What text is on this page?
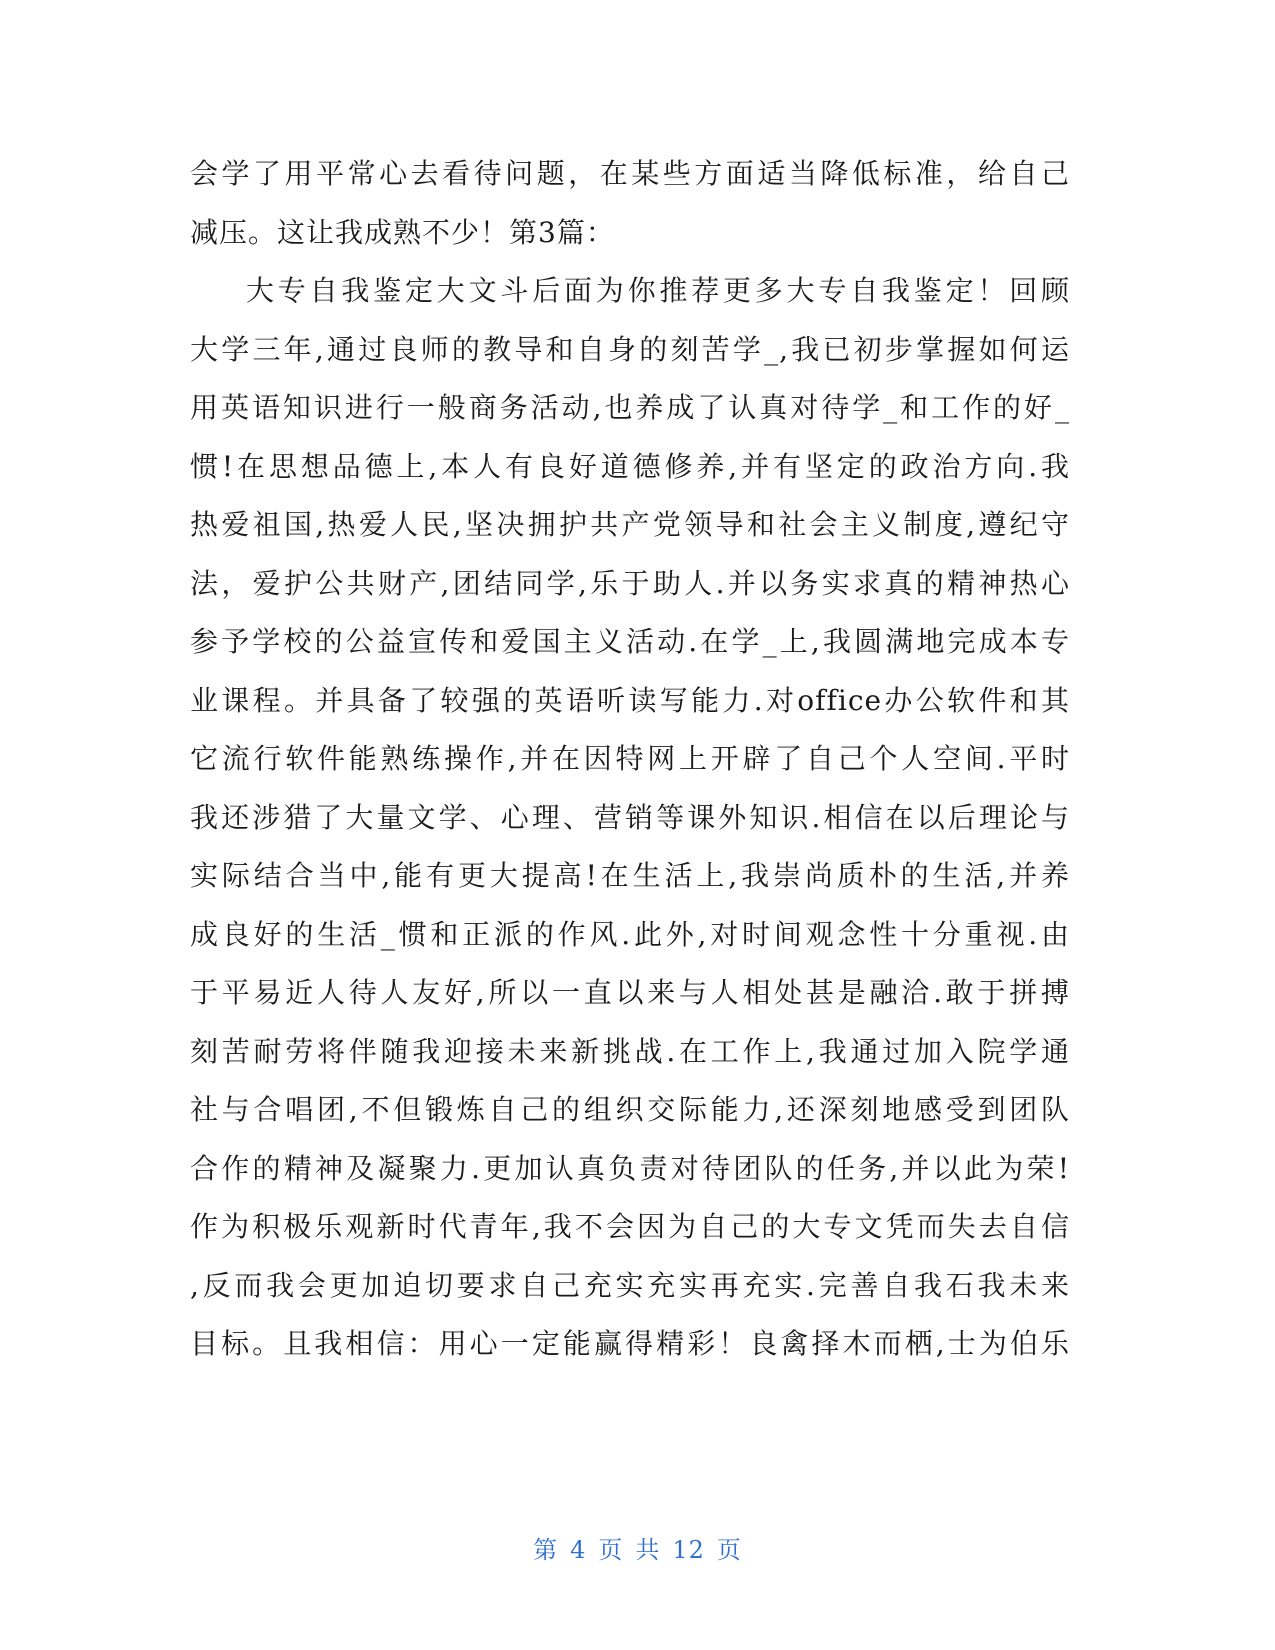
会学了用平常心去看待问题，在某些方面适当降低标准，给自己
减压。这让我成熟不少！第3篇：
大专自我鉴定大文斗后面为你推荐更多大专自我鉴定！回顾
大学三年,通过良师的教导和自身的刻苦学_,我已初步掌握如何运
用英语知识进行一般商务活动,也养成了认真对待学_和工作的好_
惯!在思想品德上,本人有良好道德修养,并有坚定的政治方向.我
热爱祖国,热爱人民,坚决拥护共产党领导和社会主义制度,遵纪守
法，爱护公共财产,团结同学,乐于助人.并以务实求真的精神热心
参予学校的公益宣传和爱国主义活动.在学_上,我圆满地完成本专
业课程。并具备了较强的英语听读写能力.对office办公软件和其
它流行软件能熟练操作,并在因特网上开辟了自己个人空间.平时
我还涉猎了大量文学、心理、营销等课外知识.相信在以后理论与
实际结合当中,能有更大提高!在生活上,我崇尚质朴的生活,并养
成良好的生活_惯和正派的作风.此外,对时间观念性十分重视.由
于平易近人待人友好,所以一直以来与人相处甚是融洽.敢于拼搏
刻苦耐劳将伴随我迎接未来新挑战.在工作上,我通过加入院学通
社与合唱团,不但锻炼自己的组织交际能力,还深刻地感受到团队
合作的精神及凝聚力.更加认真负责对待团队的任务,并以此为荣!
作为积极乐观新时代青年,我不会因为自己的大专文凭而失去自信
,反而我会更加迫切要求自己充实充实再充实.完善自我石我未来
目标。且我相信：用心一定能赢得精彩！良禽择木而栖,士为伯乐
第 4 页 共 12 页
